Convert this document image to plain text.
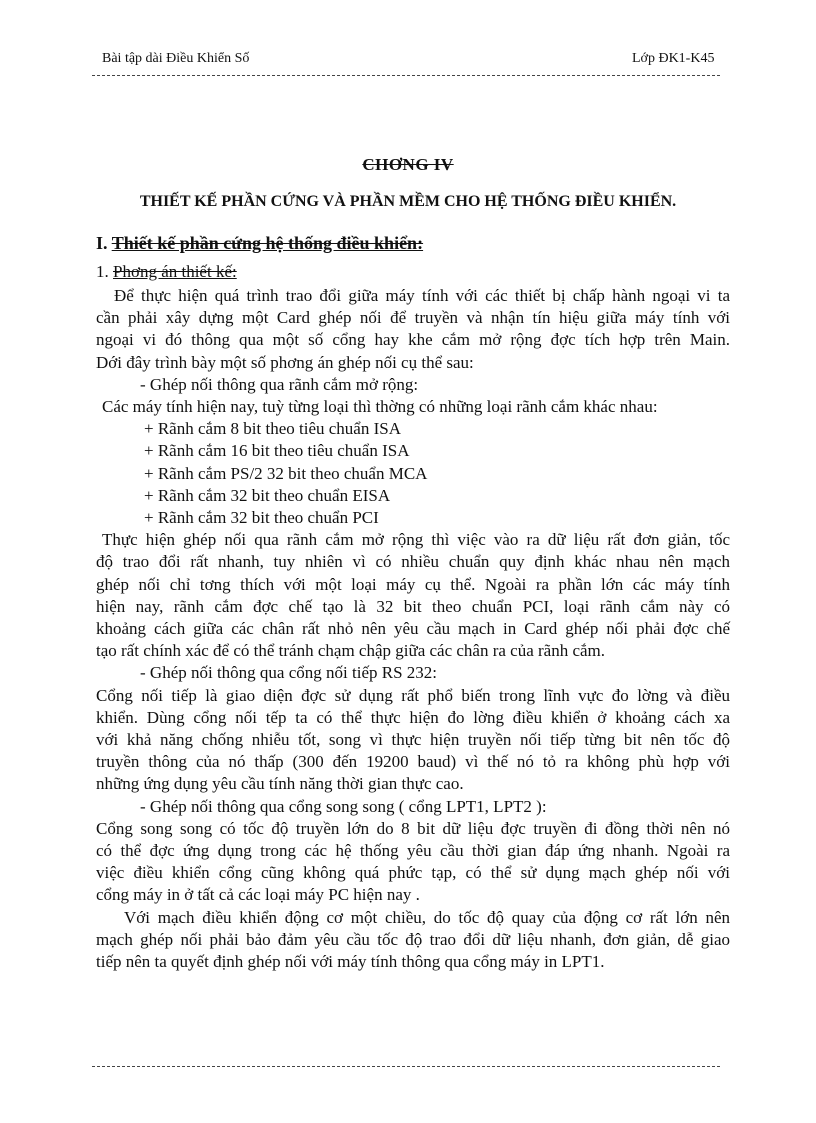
Bài tập dài Điều Khiển Số	Lớp ĐK1-K45
CHƠNG IV
THIẾT KẾ PHẦN CỨNG VÀ PHẦN MỀM CHO HỆ THỐNG ĐIỀU KHIỂN.
I. Thiết kế phần cứng hệ thống điều khiển:
1. Phơng án thiết kế:

Để thực hiện quá trình trao đổi giữa máy tính với các thiết bị chấp hành ngoại vi ta

cần phải xây dựng một Card ghép nối để truyền và nhận tín hiệu giữa máy tính với

ngoại vi đó thông qua một số cổng hay khe cắm mở rộng đợc tích hợp trên Main.

Dới đây trình bày một số phơng án ghép nối cụ thể sau:

- Ghép nối thông qua rãnh cắm mở rộng:

Các máy tính hiện nay, tuỳ từng loại thì thờng có những loại rãnh cắm khác nhau:

+ Rãnh cắm 8 bit theo tiêu chuẩn ISA

+ Rãnh cắm 16 bit theo tiêu chuẩn ISA

+ Rãnh cắm PS/2 32 bit theo chuẩn MCA

+ Rãnh cắm 32 bit theo chuẩn EISA

+ Rãnh cắm 32 bit theo chuẩn PCI

Thực hiện ghép nối qua rãnh cắm mở rộng thì việc vào ra dữ liệu rất đơn giản, tốc

độ trao đổi rất nhanh, tuy nhiên vì có nhiều chuẩn quy định khác nhau nên mạch

ghép nối chỉ tơng thích với một loại máy cụ thể. Ngoài ra phần lớn các máy tính

hiện nay, rãnh cắm đợc chế tạo là 32 bit theo chuẩn PCI, loại rãnh cắm này có

khoảng cách giữa các chân rất nhỏ nên yêu cầu mạch in Card ghép nối phải đợc chế

tạo rất chính xác để có thể tránh chạm chập giữa các chân ra của rãnh cắm.

- Ghép nối thông qua cổng nối tiếp RS 232:

Cổng nối tiếp là giao diện đợc sử dụng rất phổ biến trong lĩnh vực đo lờng và điều

khiển. Dùng cổng nối tếp ta có thể thực hiện đo lờng điều khiển ở khoảng cách xa

với khả năng chống nhiễu tốt, song vì thực hiện truyền nối tiếp từng bit nên tốc độ

truyền thông của nó thấp (300 đến 19200 baud) vì thế nó tỏ ra không phù hợp với

những ứng dụng yêu cầu tính năng thời gian thực cao.

- Ghép nối thông qua cổng song song ( cổng LPT1, LPT2 ):

Cổng song song có tốc độ truyền lớn do 8 bit dữ liệu đợc truyền đi đồng thời nên nó

có thể đợc ứng dụng trong các hệ thống yêu cầu thời gian đáp ứng nhanh. Ngoài ra

việc điều khiển cổng cũng không quá phức tạp, có thể sử dụng mạch ghép nối với

cổng máy in ở tất cả các loại máy PC hiện nay .

Với mạch điều khiển động cơ một chiều, do tốc độ quay của động cơ rất lớn nên

mạch ghép nối phải bảo đảm yêu cầu tốc độ trao đổi dữ liệu nhanh, đơn giản, dễ giao

tiếp nên ta quyết định ghép nối với máy tính thông qua cổng máy in LPT1.
